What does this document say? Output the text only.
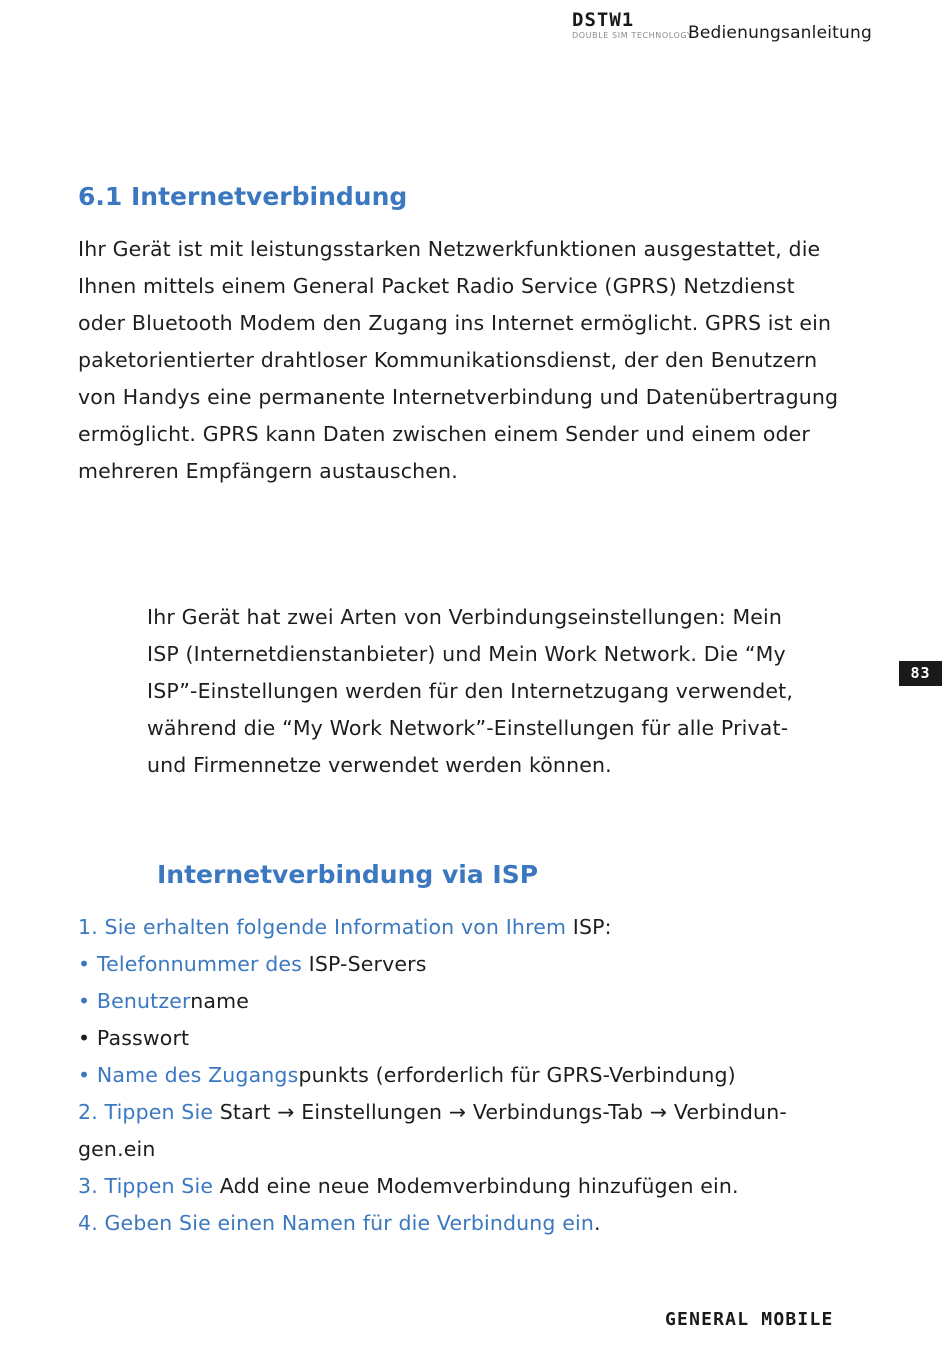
DSTW1
DOUBLE SIM TECHNOLOGY
Bedienungsanleitung
6.1 Internetverbindung
Ihr Gerät ist mit leistungsstarken Netzwerkfunktionen ausgestattet, die
Ihnen mittels einem General Packet Radio Service (GPRS) Netzdienst
oder Bluetooth Modem den Zugang ins Internet ermöglicht. GPRS ist ein
paketorientierter drahtloser Kommunikationsdienst, der den Benutzern
von Handys eine permanente Internetverbindung und Datenübertragung
ermöglicht. GPRS kann Daten zwischen einem Sender und einem oder
mehreren Empfängern austauschen.
Ihr Gerät hat zwei Arten von Verbindungseinstellungen: Mein
ISP (Internetdienstanbieter) und Mein Work Network. Die “My
ISP”-Einstellungen werden für den Internetzugang verwendet,
während die “My Work Network”-Einstellungen für alle Privat-
und Firmennetze verwendet werden können.
83
Internetverbindung via ISP
1. Sie erhalten folgende Information von Ihrem ISP:
• Telefonnummer des ISP-Servers
• Benutzername
• Passwort
• Name des Zugangspunkts (erforderlich für GPRS-Verbindung)
2. Tippen Sie Start → Einstellungen → Verbindungs-Tab → Verbindun-
gen.ein
3. Tippen Sie Add eine neue Modemverbindung hinzufügen ein.
4. Geben Sie einen Namen für die Verbindung ein.
GENERAL MOBILE
